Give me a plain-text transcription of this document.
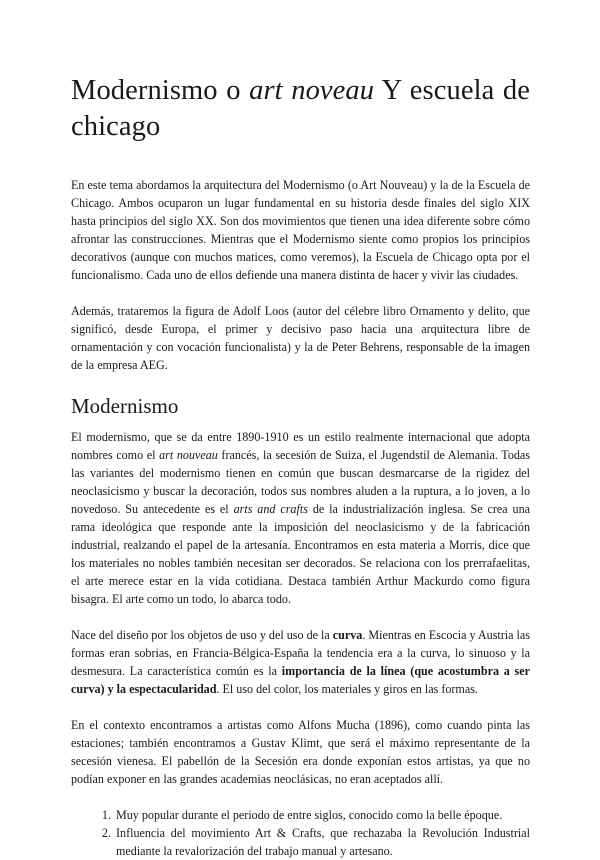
Modernismo o art noveau Y escuela de
chicago

En este tema abordamos la arquitectura del Modernismo (o Art Nouveau) y la de la Escuela de Chicago. Ambos ocuparon un lugar fundamental en su historia desde finales del siglo XIX hasta principios del siglo XX. Son dos movimientos que tienen una idea diferente sobre cómo afrontar las construcciones. Mientras que el Modernismo siente como propios los principios decorativos (aunque con muchos matices, como veremos), la Escuela de Chicago opta por el funcionalismo. Cada uno de ellos defiende una manera distinta de hacer y vivir las ciudades.

Además, trataremos la figura de Adolf Loos (autor del célebre libro Ornamento y delito, que significó, desde Europa, el primer y decisivo paso hacia una arquitectura libre de ornamentación y con vocación funcionalista) y la de Peter Behrens, responsable de la imagen de la empresa AEG.

Modernismo

El modernismo, que se da entre 1890-1910 es un estilo realmente internacional que adopta nombres como el art nouveau francés, la secesión de Suiza, el Jugendstil de Alemania. Todas las variantes del modernismo tienen en común que buscan desmarcarse de la rigidez del neoclasicismo y buscar la decoración, todos sus nombres aluden a la ruptura, a lo joven, a lo novedoso. Su antecedente es el arts and crafts de la industrialización inglesa. Se crea una rama ideológica que responde ante la imposición del neoclasicismo y de la fabricación industrial, realzando el papel de la artesanía. Encontramos en esta materia a Morris, dice que los materiales no nobles también necesitan ser decorados. Se relaciona con los prerrafaelitas, el arte merece estar en la vida cotidiana. Destaca también Arthur Mackurdo como figura bisagra. El arte como un todo, lo abarca todo.

Nace del diseño por los objetos de uso y del uso de la curva. Mientras en Escocia y Austria las formas eran sobrias, en Francia-Bélgica-España la tendencia era a la curva, lo sinuoso y la desmesura. La característica común es la importancia de la línea (que acostumbra a ser curva) y la espectacularidad. El uso del color, los materiales y giros en las formas.

En el contexto encontramos a artistas como Alfons Mucha (1896), como cuando pinta las estaciones; también encontramos a Gustav Klimt, que será el máximo representante de la secesión vienesa. El pabellón de la Secesión era donde exponían estos artistas, ya que no podían exponer en las grandes academias neoclásicas, no eran aceptados allí.

1. Muy popular durante el periodo de entre siglos, conocido como la belle époque.
2. Influencia del movimiento Art & Crafts, que rechazaba la Revolución Industrial mediante la revalorización del trabajo manual y artesano.
